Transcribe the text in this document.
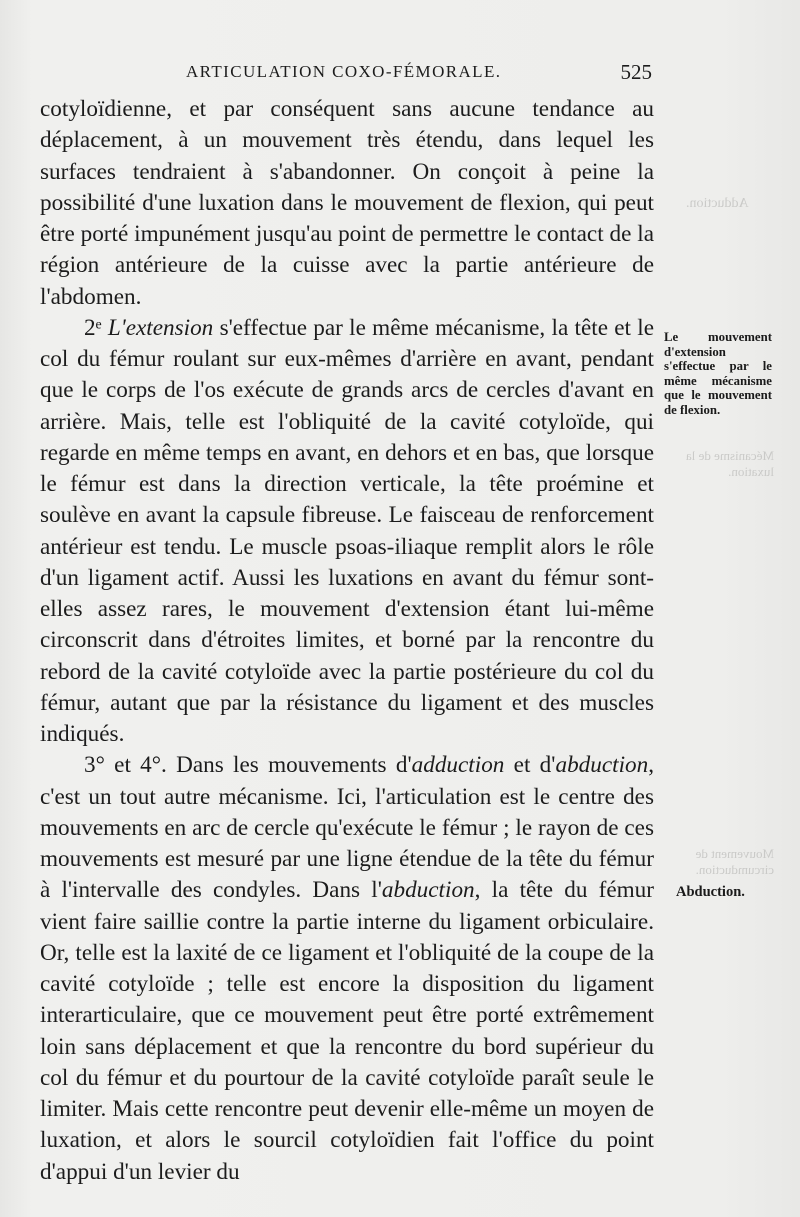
ARTICULATION COXO-FÉMORALE.	525
Adduction.
Mécanisme de la luxation.
Mouvement de circumduction.

cotyloïdienne, et par conséquent sans aucune tendance au déplacement, à un mouvement très étendu, dans lequel les surfaces tendraient à s'abandonner. On conçoit à peine la possibilité d'une luxation dans le mouvement de flexion, qui peut être porté impunément jusqu'au point de permettre le contact de la région antérieure de la cuisse avec la partie antérieure de l'abdomen.

2ᵉ L'extension s'effectue par le même mécanisme, la tête et le col du fémur roulant sur eux-mêmes d'arrière en avant, pendant que le corps de l'os exécute de grands arcs de cercles d'avant en arrière. Mais, telle est l'obliquité de la cavité cotyloïde, qui regarde en même temps en avant, en dehors et en bas, que lorsque le fémur est dans la direction verticale, la tête proémine et soulève en avant la capsule fibreuse. Le faisceau de renforcement antérieur est tendu. Le muscle psoas-iliaque remplit alors le rôle d'un ligament actif. Aussi les luxations en avant du fémur sont-elles assez rares, le mouvement d'extension étant lui-même circonscrit dans d'étroites limites, et borné par la rencontre du rebord de la cavité cotyloïde avec la partie postérieure du col du fémur, autant que par la résistance du ligament et des muscles indiqués.

3° et 4°. Dans les mouvements d'adduction et d'abduction, c'est un tout autre mécanisme. Ici, l'articulation est le centre des mouvements en arc de cercle qu'exécute le fémur ; le rayon de ces mouvements est mesuré par une ligne étendue de la tête du fémur à l'intervalle des condyles. Dans l'abduction, la tête du fémur vient faire saillie contre la partie interne du ligament orbiculaire. Or, telle est la laxité de ce ligament et l'obliquité de la coupe de la cavité cotyloïde ; telle est encore la disposition du ligament interarticulaire, que ce mouvement peut être porté extrêmement loin sans déplacement et que la rencontre du bord supérieur du col du fémur et du pourtour de la cavité cotyloïde paraît seule le limiter. Mais cette rencontre peut devenir elle-même un moyen de luxation, et alors le sourcil cotyloïdien fait l'office du point d'appui d'un levier du

Le mouvement d'extension s'effectue par le même mécanisme que le mouvement de flexion.
Abduction.
